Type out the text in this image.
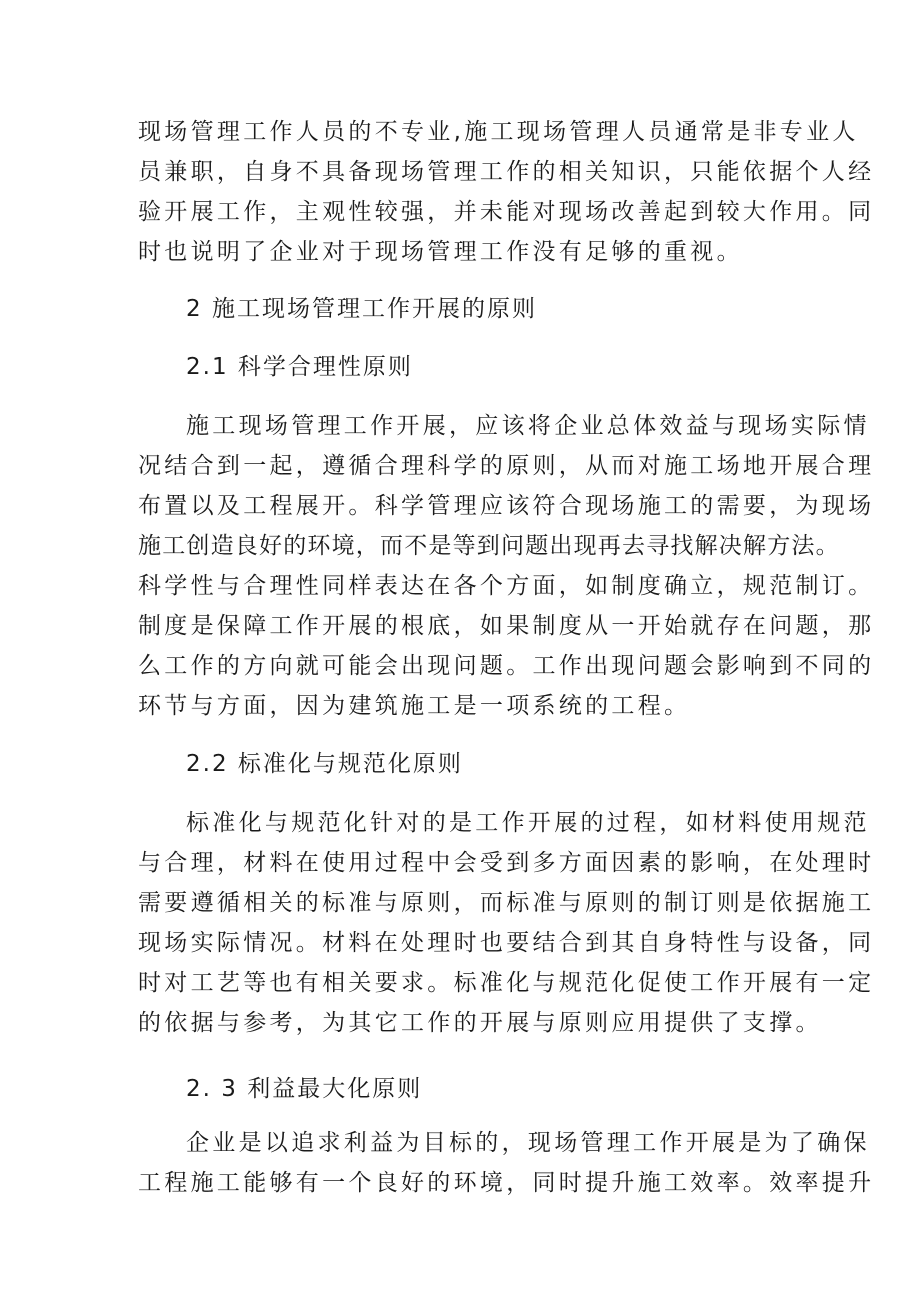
现场管理工作人员的不专业,施工现场管理人员通常是非专业人
员兼职，自身不具备现场管理工作的相关知识，只能依据个人经
验开展工作，主观性较强，并未能对现场改善起到较大作用。同
时也说明了企业对于现场管理工作没有足够的重视。
2 施工现场管理工作开展的原则
2.1 科学合理性原则
施工现场管理工作开展，应该将企业总体效益与现场实际情
况结合到一起，遵循合理科学的原则，从而对施工场地开展合理
布置以及工程展开。科学管理应该符合现场施工的需要，为现场
施工创造良好的环境，而不是等到问题出现再去寻找解决解方法。
科学性与合理性同样表达在各个方面，如制度确立，规范制订。
制度是保障工作开展的根底，如果制度从一开始就存在问题，那
么工作的方向就可能会出现问题。工作出现问题会影响到不同的
环节与方面，因为建筑施工是一项系统的工程。
2.2 标准化与规范化原则
标准化与规范化针对的是工作开展的过程，如材料使用规范
与合理，材料在使用过程中会受到多方面因素的影响，在处理时
需要遵循相关的标准与原则，而标准与原则的制订则是依据施工
现场实际情况。材料在处理时也要结合到其自身特性与设备，同
时对工艺等也有相关要求。标准化与规范化促使工作开展有一定
的依据与参考，为其它工作的开展与原则应用提供了支撑。
2. 3 利益最大化原则
企业是以追求利益为目标的，现场管理工作开展是为了确保
工程施工能够有一个良好的环境，同时提升施工效率。效率提升
